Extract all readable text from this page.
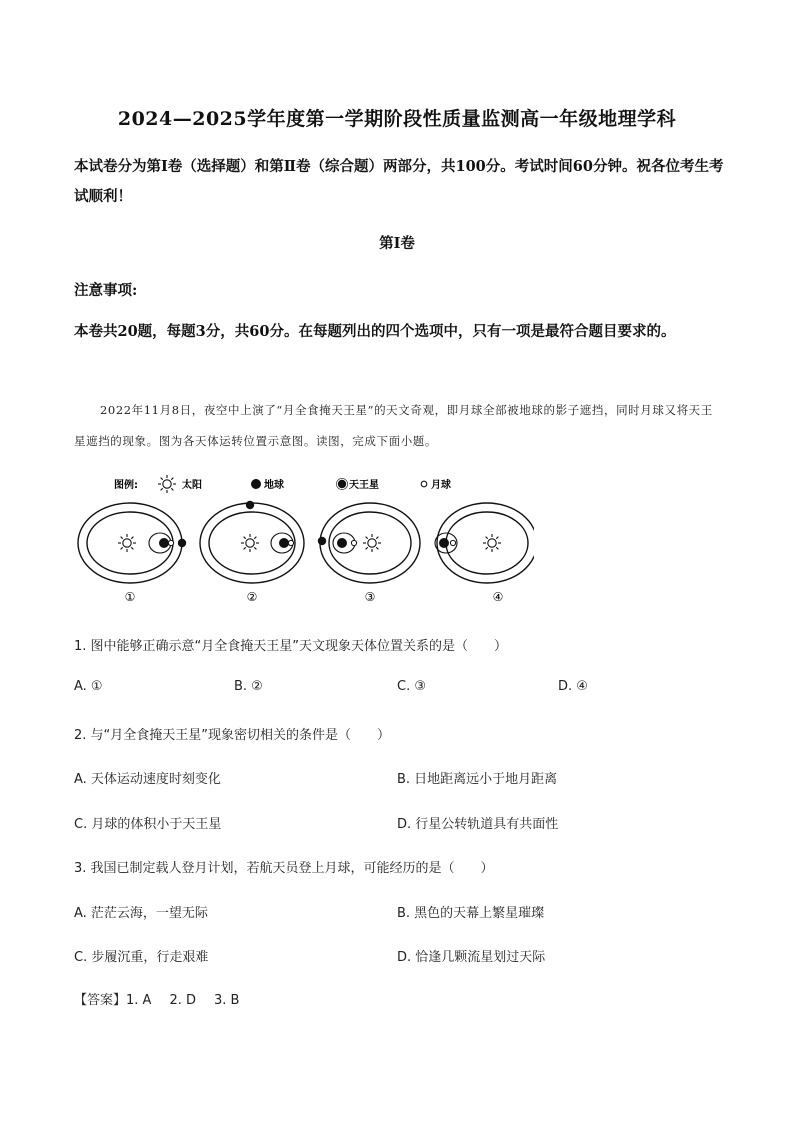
2024—2025学年度第一学期阶段性质量监测高一年级地理学科
本试卷分为第Ⅰ卷（选择题）和第Ⅱ卷（综合题）两部分，共100分。考试时间60分钟。祝各位考生考试顺利！
第Ⅰ卷
注意事项:
本卷共20题，每题3分，共60分。在每题列出的四个选项中，只有一项是最符合题目要求的。
2022年11月8日，夜空中上演了“月全食掩天王星”的天文奇观，即月球全部被地球的影子遮挡，同时月球又将天王星遮挡的现象。图为各天体运转位置示意图。读图，完成下面小题。
图例:	太阳	地球	天王星	月球
①	②	③	④
1. 图中能够正确示意“月全食掩天王星”天文现象天体位置关系的是（　　）
A. ①	B. ②	C. ③	D. ④
2. 与“月全食掩天王星”现象密切相关的条件是（　　）
A. 天体运动速度时刻变化	B. 日地距离远小于地月距离
C. 月球的体积小于天王星	D. 行星公转轨道具有共面性
3. 我国已制定载人登月计划，若航天员登上月球，可能经历的是（　　）
A. 茫茫云海，一望无际	B. 黑色的天幕上繁星璀璨
C. 步履沉重，行走艰难	D. 恰逢几颗流星划过天际
【答案】1. A 2. D 3. B
